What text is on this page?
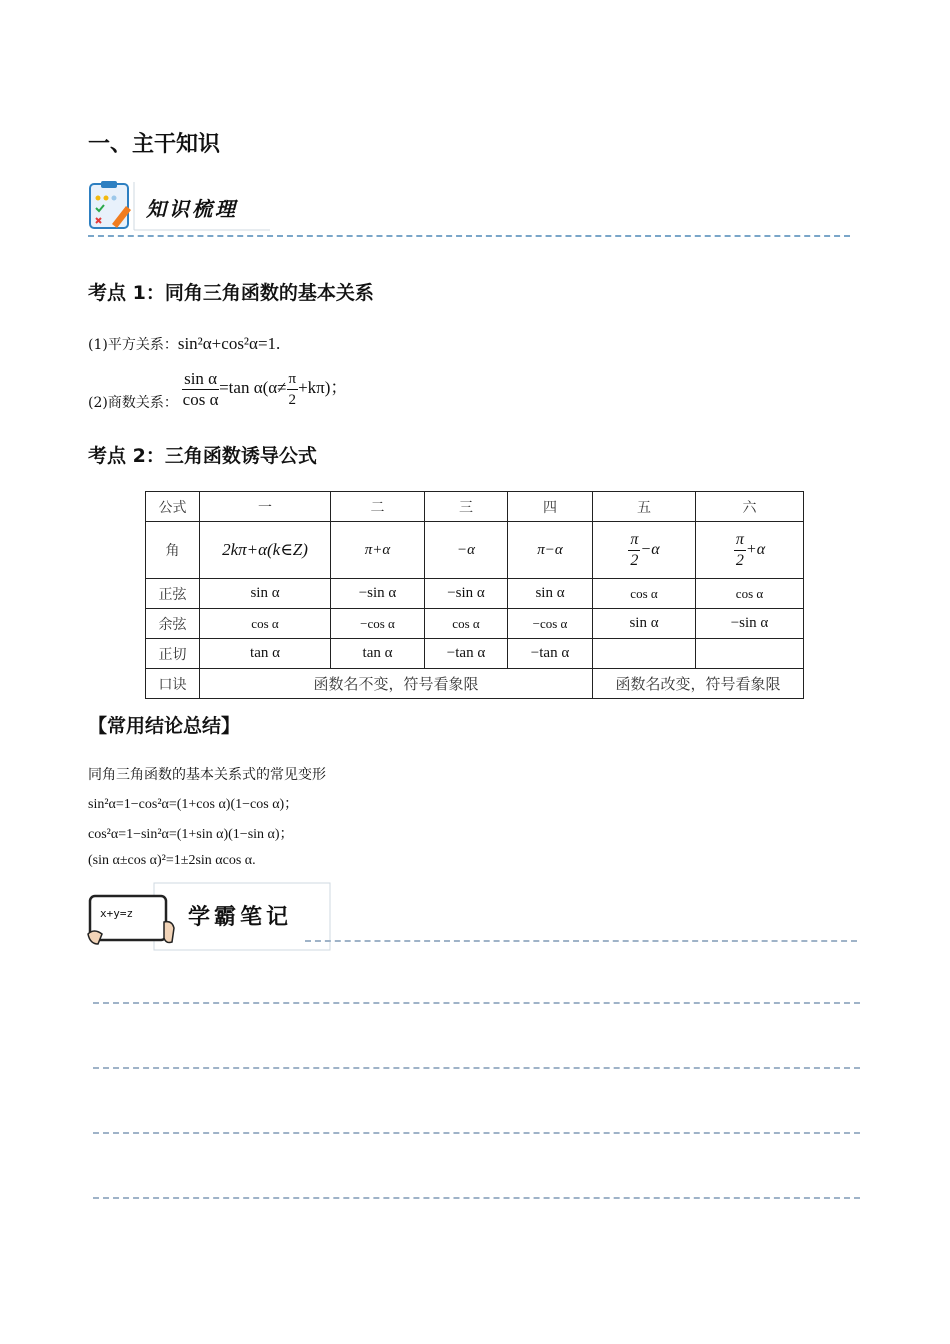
一、主干知识
知识梳理
考点 1：同角三角函数的基本关系
(1)平方关系：sin²α+cos²α=1.
(2)商数关系： $\frac{\text{sin α}}{\text{cos α}} =\tan$ $\alpha(\alpha\ne \frac{\pi}{2} +k\pi)$；
考点 2：三角函数诱导公式
公式	一	二	三	四	五	六
角	2kπ+α(k∈Z)	π+α	−α	π−α	$\frac{\pi}{2} -\alpha$	$\frac{\pi}{2} +\alpha$
正弦	sin α	−sin α	−sin α	sin α	cos α	cos α
余弦	cos α	−cos α	cos α	−cos α	sin α	−sin α
正切	tan α	tan α	−tan α	−tan α		
口诀	函数名不变，符号看象限				函数名改变，符号看象限	
【常用结论总结】
同角三角函数的基本关系式的常见变形
sin²α=1−cos²α=(1+cos α)(1−cos α)；
cos²α=1−sin²α=(1+sin α)(1−sin α)；
(sin α±cos α)²=1±2sin αcos α.
x+y=z 学霸笔记
